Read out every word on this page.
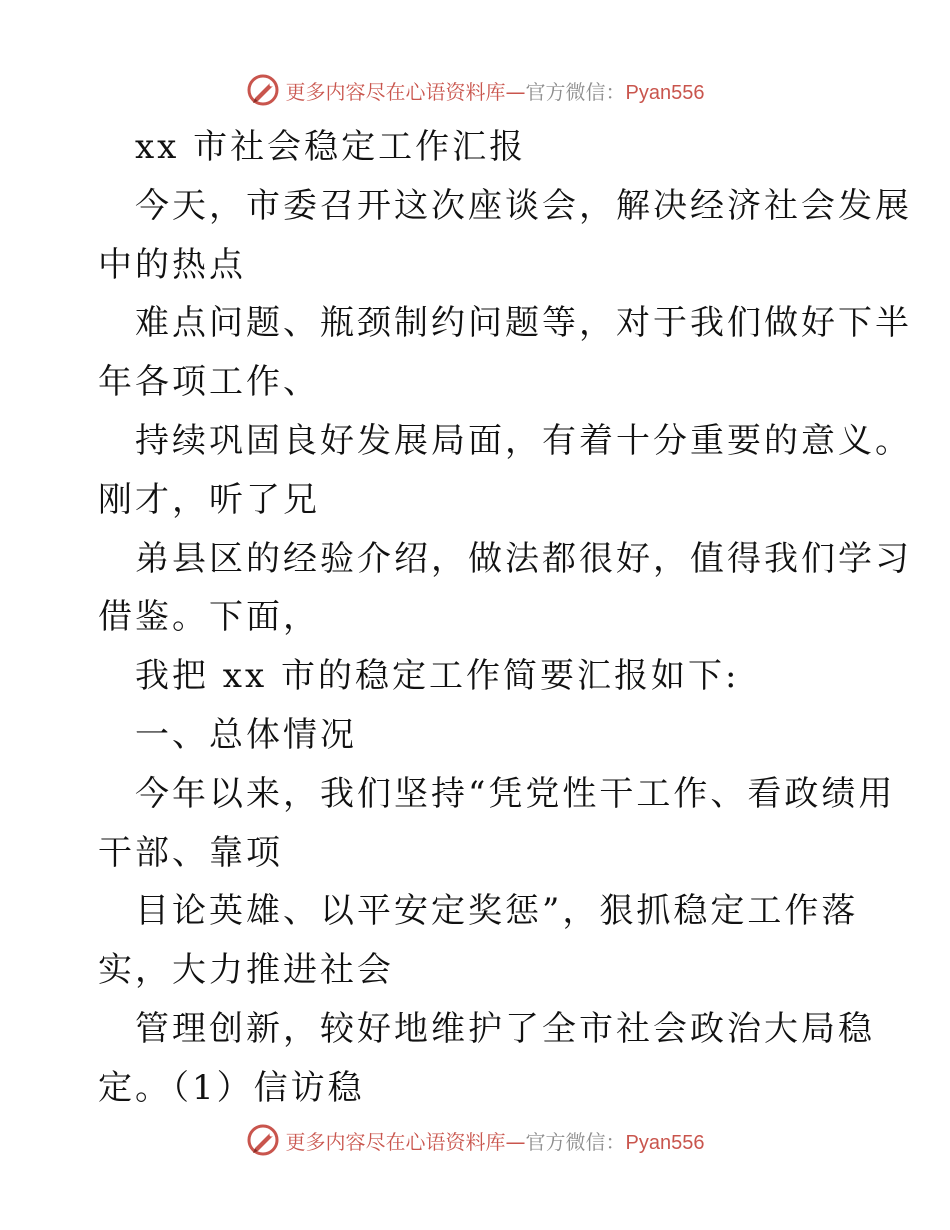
更多内容尽在心语资料库—官方微信：Pyan556
xx 市社会稳定工作汇报
今天，市委召开这次座谈会，解决经济社会发展
中的热点
难点问题、瓶颈制约问题等，对于我们做好下半
年各项工作、
持续巩固良好发展局面，有着十分重要的意义。
刚才，听了兄
弟县区的经验介绍，做法都很好，值得我们学习
借鉴。下面，
我把 xx 市的稳定工作简要汇报如下:
一、总体情况
今年以来，我们坚持“凭党性干工作、看政绩用
干部、靠项
目论英雄、以平安定奖惩”，狠抓稳定工作落
实，大力推进社会
管理创新，较好地维护了全市社会政治大局稳
定。（1）信访稳
更多内容尽在心语资料库—官方微信：Pyan556
